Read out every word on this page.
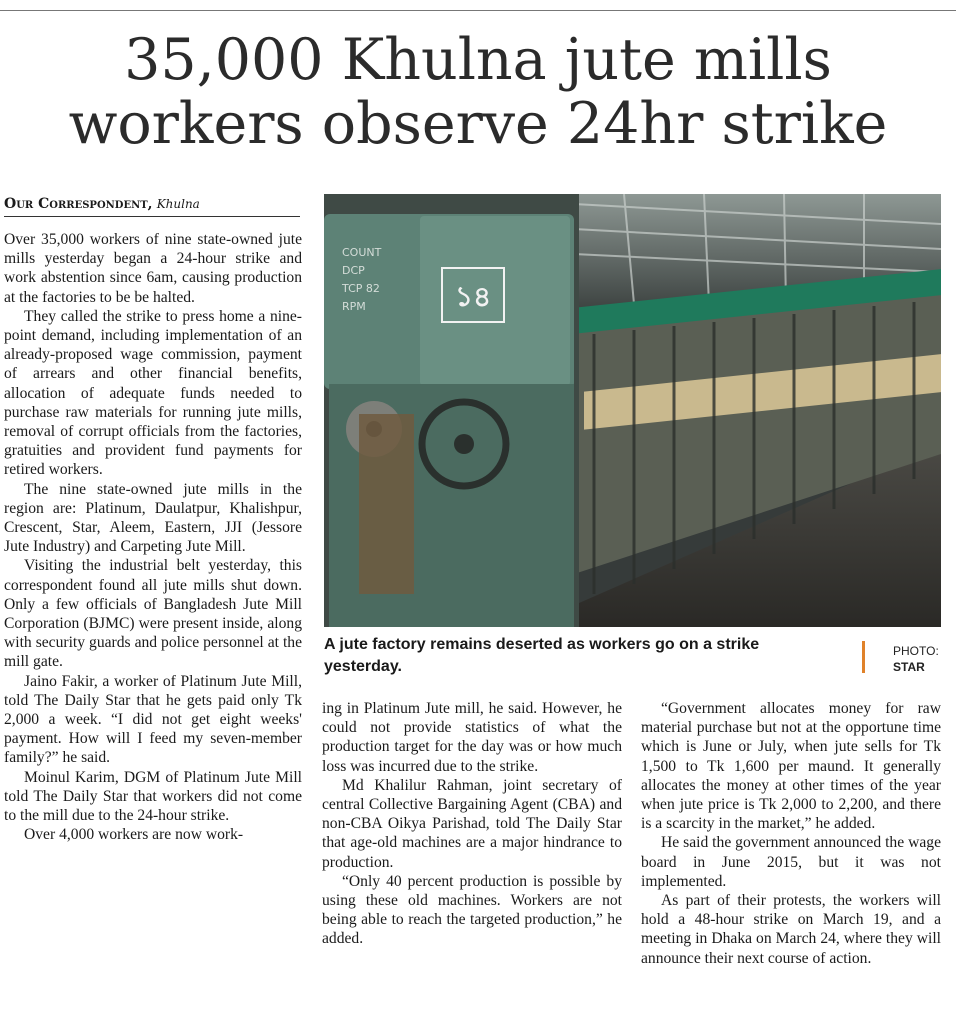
35,000 Khulna jute mills
workers observe 24hr strike
Our Correspondent, Khulna

Over 35,000 workers of nine state-owned jute mills yesterday began a 24-hour strike and work abstention since 6am, causing production at the factories to be be halted.

They called the strike to press home a nine-point demand, including implementation of an already-proposed wage commission, payment of arrears and other financial benefits, allocation of adequate funds needed to purchase raw materials for running jute mills, removal of corrupt officials from the factories, gratuities and provident fund payments for retired workers.

The nine state-owned jute mills in the region are: Platinum, Daulatpur, Khalishpur, Crescent, Star, Aleem, Eastern, JJI (Jessore Jute Industry) and Carpeting Jute Mill.

Visiting the industrial belt yesterday, this correspondent found all jute mills shut down. Only a few officials of Bangladesh Jute Mill Corporation (BJMC) were present inside, along with security guards and police personnel at the mill gate.

Jaino Fakir, a worker of Platinum Jute Mill, told The Daily Star that he gets paid only Tk 2,000 a week. “I did not get eight weeks' payment. How will I feed my seven-member family?” he said.

Moinul Karim, DGM of Platinum Jute Mill told The Daily Star that workers did not come to the mill due to the 24-hour strike.

Over 4,000 workers are now work-

১৪
COUNT
DCP
TCP 82
RPM
A jute factory remains deserted as workers go on a strike yesterday.
PHOTO:
STAR

ing in Platinum Jute mill, he said. However, he could not provide statistics of what the production target for the day was or how much loss was incurred due to the strike.

Md Khalilur Rahman, joint secretary of central Collective Bargaining Agent (CBA) and non-CBA Oikya Parishad, told The Daily Star that age-old machines are a major hindrance to production.

“Only 40 percent production is possible by using these old machines. Workers are not being able to reach the targeted production,” he added.

“Government allocates money for raw material purchase but not at the opportune time which is June or July, when jute sells for Tk 1,500 to Tk 1,600 per maund. It generally allocates the money at other times of the year when jute price is Tk 2,000 to 2,200, and there is a scarcity in the market,” he added.

He said the government announced the wage board in June 2015, but it was not implemented.

As part of their protests, the workers will hold a 48-hour strike on March 19, and a meeting in Dhaka on March 24, where they will announce their next course of action.
